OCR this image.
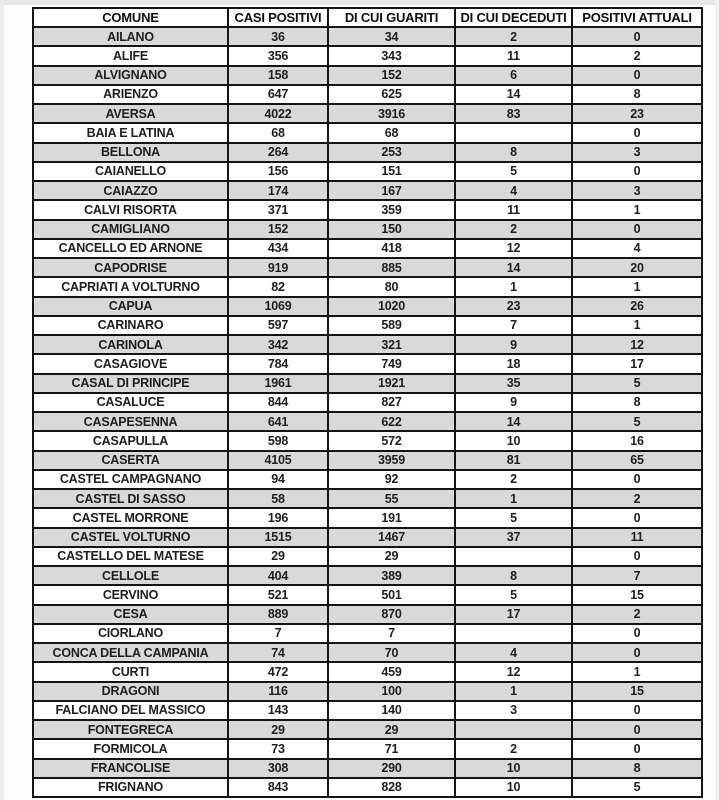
COMUNE	CASI POSITIVI	DI CUI GUARITI	DI CUI DECEDUTI	POSITIVI ATTUALI
AILANO	36	34	2	0
ALIFE	356	343	11	2
ALVIGNANO	158	152	6	0
ARIENZO	647	625	14	8
AVERSA	4022	3916	83	23
BAIA E LATINA	68	68		0
BELLONA	264	253	8	3
CAIANELLO	156	151	5	0
CAIAZZO	174	167	4	3
CALVI RISORTA	371	359	11	1
CAMIGLIANO	152	150	2	0
CANCELLO ED ARNONE	434	418	12	4
CAPODRISE	919	885	14	20
CAPRIATI A VOLTURNO	82	80	1	1
CAPUA	1069	1020	23	26
CARINARO	597	589	7	1
CARINOLA	342	321	9	12
CASAGIOVE	784	749	18	17
CASAL DI PRINCIPE	1961	1921	35	5
CASALUCE	844	827	9	8
CASAPESENNA	641	622	14	5
CASAPULLA	598	572	10	16
CASERTA	4105	3959	81	65
CASTEL CAMPAGNANO	94	92	2	0
CASTEL DI SASSO	58	55	1	2
CASTEL MORRONE	196	191	5	0
CASTEL VOLTURNO	1515	1467	37	11
CASTELLO DEL MATESE	29	29		0
CELLOLE	404	389	8	7
CERVINO	521	501	5	15
CESA	889	870	17	2
CIORLANO	7	7		0
CONCA DELLA CAMPANIA	74	70	4	0
CURTI	472	459	12	1
DRAGONI	116	100	1	15
FALCIANO DEL MASSICO	143	140	3	0
FONTEGRECA	29	29		0
FORMICOLA	73	71	2	0
FRANCOLISE	308	290	10	8
FRIGNANO	843	828	10	5
